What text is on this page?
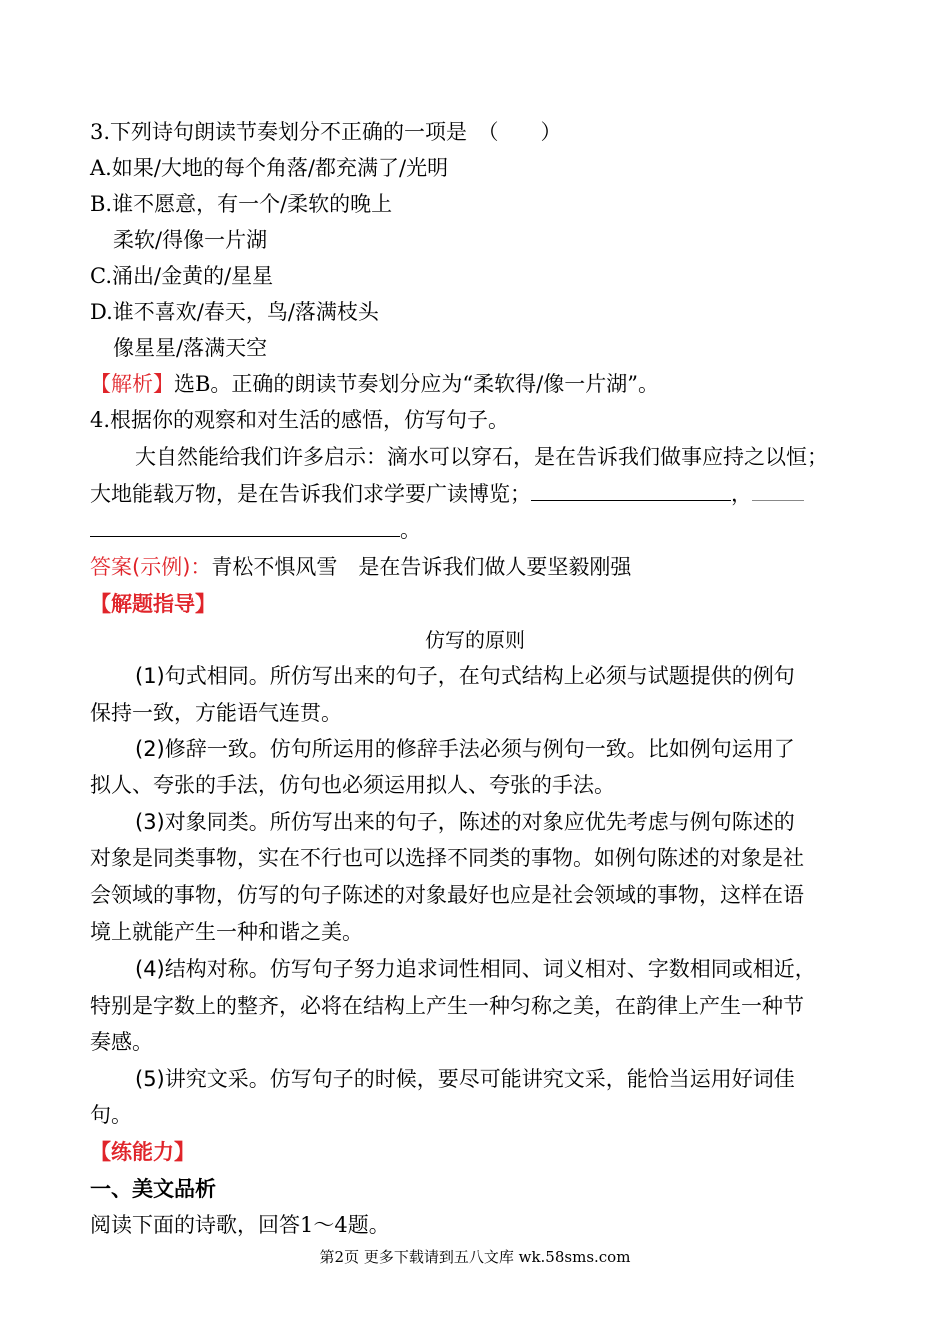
3.下列诗句朗读节奏划分不正确的一项是　（　　）
A.如果/大地的每个角落/都充满了/光明
B.谁不愿意，有一个/柔软的晚上
柔软/得像一片湖
C.涌出/金黄的/星星
D.谁不喜欢/春天，鸟/落满枝头
像星星/落满天空
【解析】选B。正确的朗读节奏划分应为“柔软得/像一片湖”。
4.根据你的观察和对生活的感悟，仿写句子。
大自然能给我们许多启示：滴水可以穿石，是在告诉我们做事应持之以恒；
大地能载万物，是在告诉我们求学要广读博览；	，
。
答案(示例)：青松不惧风雪　是在告诉我们做人要坚毅刚强
【解题指导】
仿写的原则
(1)句式相同。所仿写出来的句子，在句式结构上必须与试题提供的例句
保持一致，方能语气连贯。
(2)修辞一致。仿句所运用的修辞手法必须与例句一致。比如例句运用了
拟人、夸张的手法，仿句也必须运用拟人、夸张的手法。
(3)对象同类。所仿写出来的句子，陈述的对象应优先考虑与例句陈述的
对象是同类事物，实在不行也可以选择不同类的事物。如例句陈述的对象是社
会领域的事物，仿写的句子陈述的对象最好也应是社会领域的事物，这样在语
境上就能产生一种和谐之美。
(4)结构对称。仿写句子努力追求词性相同、词义相对、字数相同或相近，
特别是字数上的整齐，必将在结构上产生一种匀称之美，在韵律上产生一种节
奏感。
(5)讲究文采。仿写句子的时候，要尽可能讲究文采，能恰当运用好词佳
句。
【练能力】
一、美文品析
阅读下面的诗歌，回答1～4题。
第2页 更多下载请到五八文库 wk.58sms.com
